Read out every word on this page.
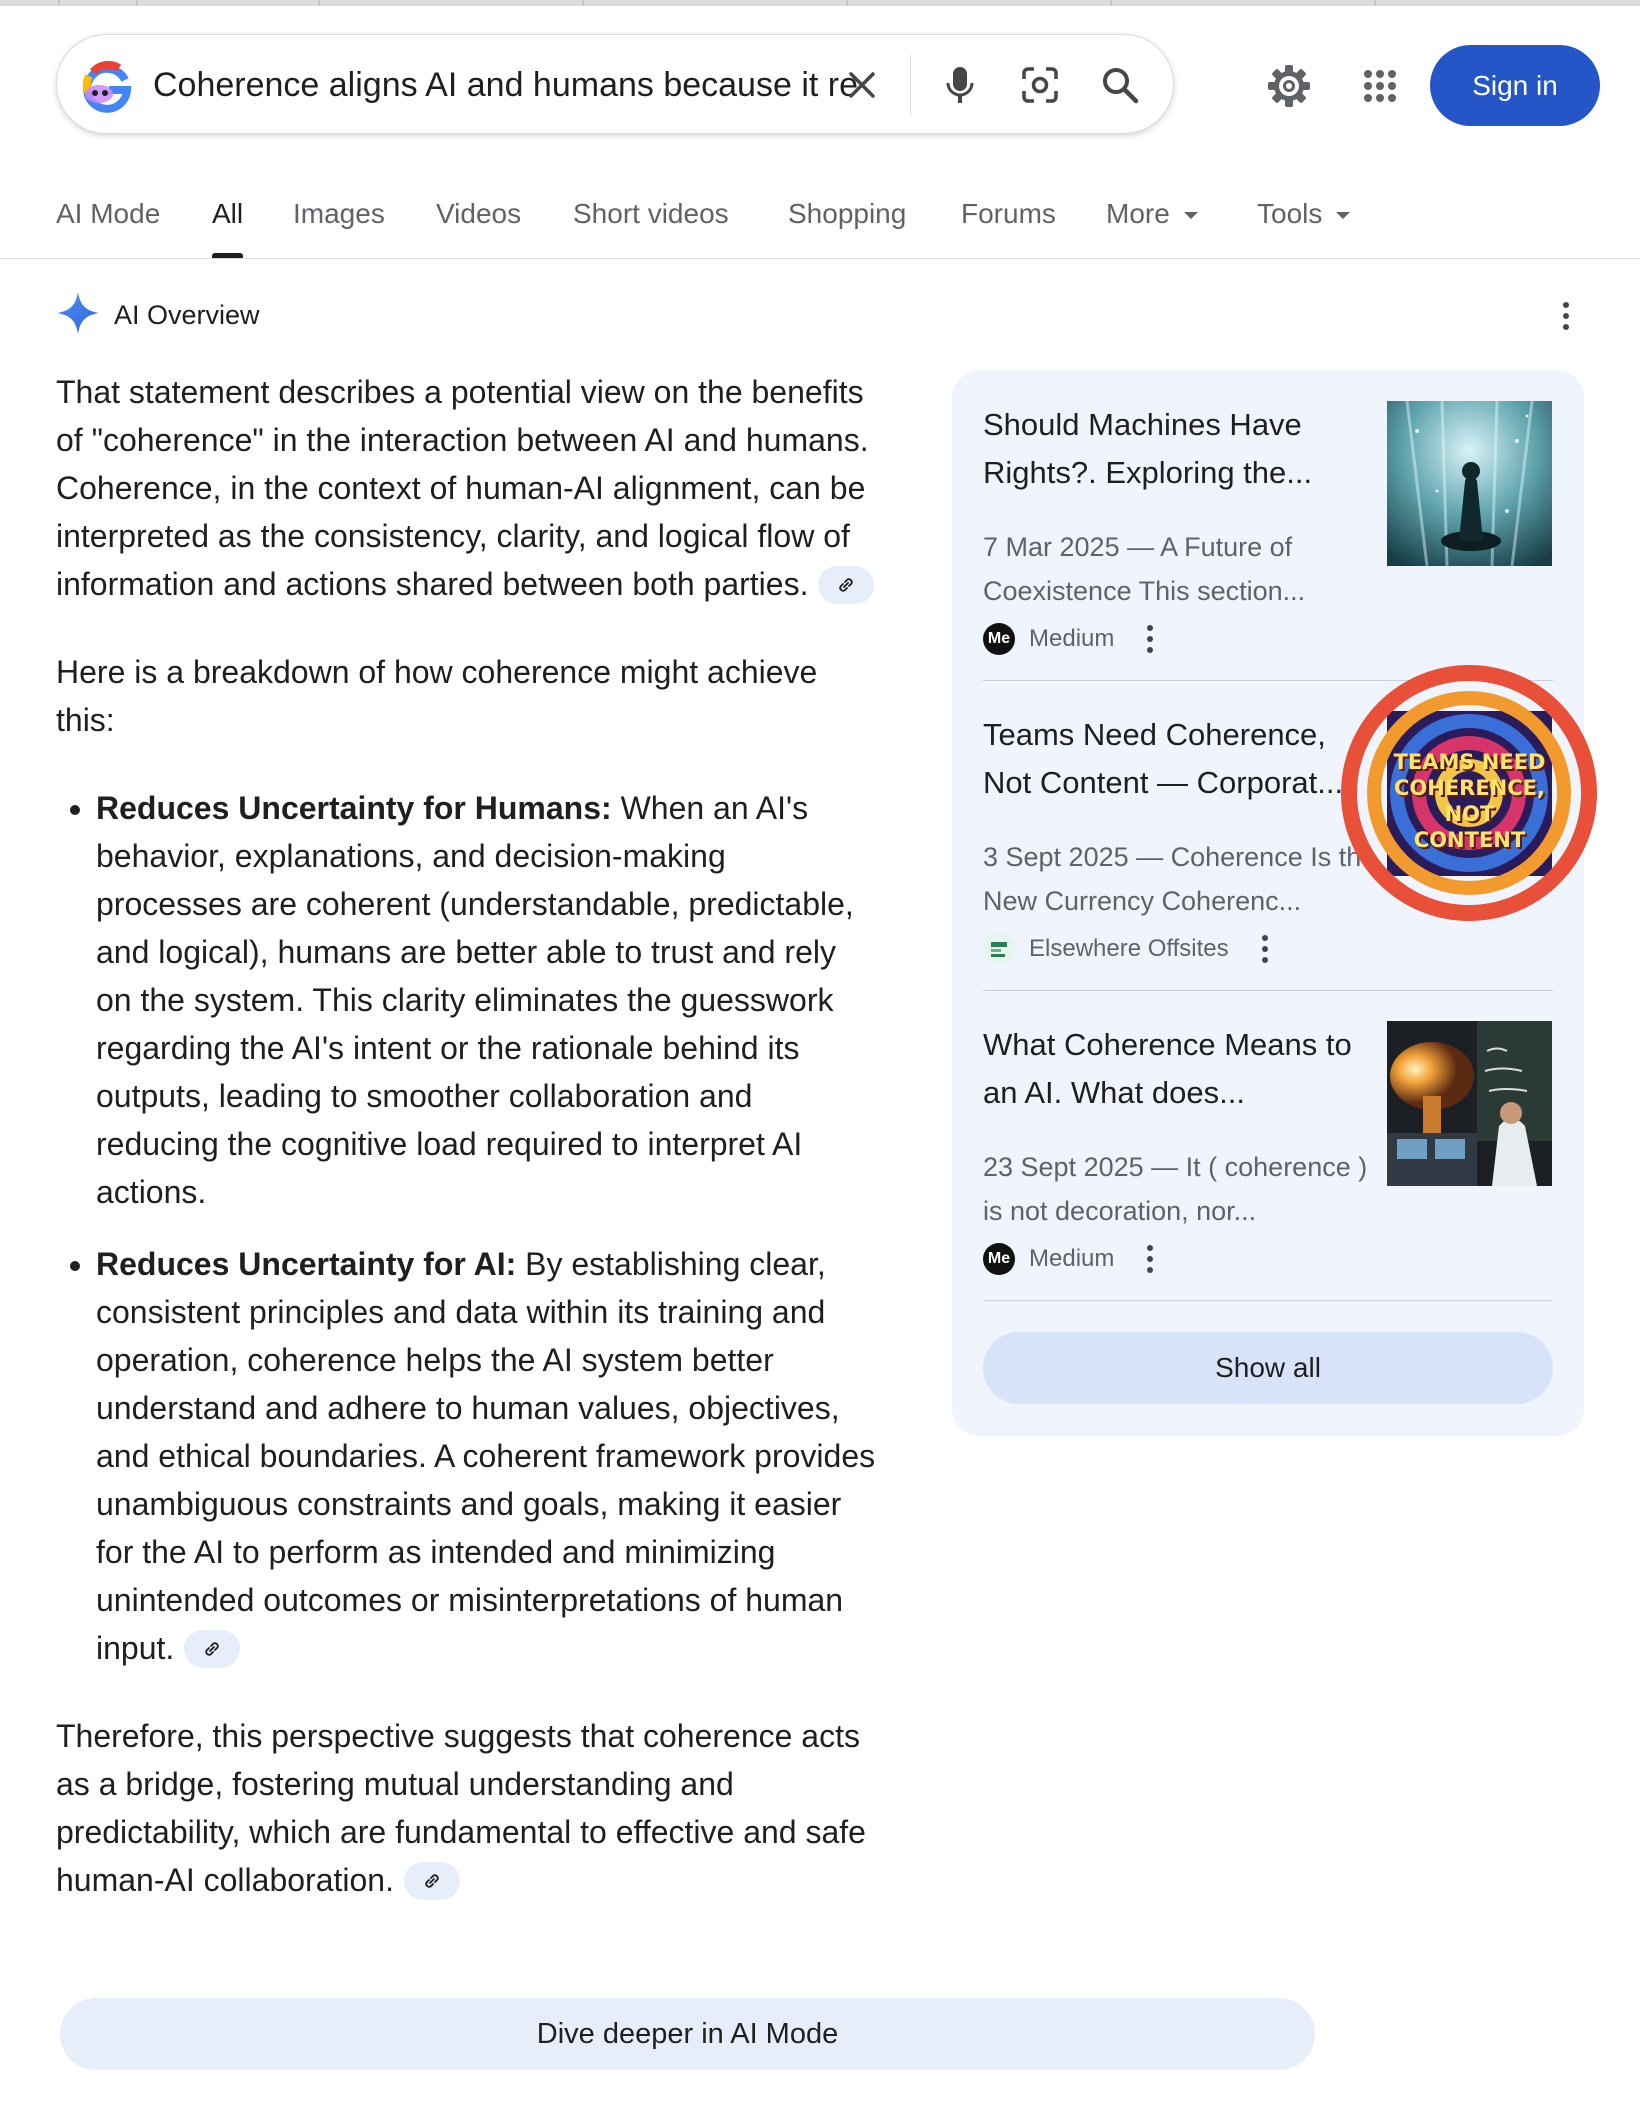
Coherence aligns AI and humans because it re	Sign in
AI Mode All Images Videos Short videos Shopping Forums More	Tools
AI Overview

That statement describes a potential view on the benefits of "coherence" in the interaction between AI and humans. Coherence, in the context of human-AI alignment, can be interpreted as the consistency, clarity, and logical flow of information and actions shared between both parties.

Here is a breakdown of how coherence might achieve this:

• Reduces Uncertainty for Humans: When an AI's behavior, explanations, and decision-making processes are coherent (understandable, predictable, and logical), humans are better able to trust and rely on the system. This clarity eliminates the guesswork regarding the AI's intent or the rationale behind its outputs, leading to smoother collaboration and reducing the cognitive load required to interpret AI actions.
• Reduces Uncertainty for AI: By establishing clear, consistent principles and data within its training and operation, coherence helps the AI system better understand and adhere to human values, objectives, and ethical boundaries. A coherent framework provides unambiguous constraints and goals, making it easier for the AI to perform as intended and minimizing unintended outcomes or misinterpretations of human input.

Therefore, this perspective suggests that coherence acts as a bridge, fostering mutual understanding and predictability, which are fundamental to effective and safe human-AI collaboration.

Dive deeper in AI Mode
Should Machines Have Rights?. Exploring the...
7 Mar 2025 — A Future of Coexistence This section...
Me Medium
Teams Need Coherence, Not Content — Corporat...
3 Sept 2025 — Coherence Is the New Currency Coherenc...
Elsewhere Offsites
TEAMS NEED COHERENCE, NOT CONTENT
What Coherence Means to an AI. What does...
23 Sept 2025 — It ( coherence ) is not decoration, nor...
Me Medium
Show all
